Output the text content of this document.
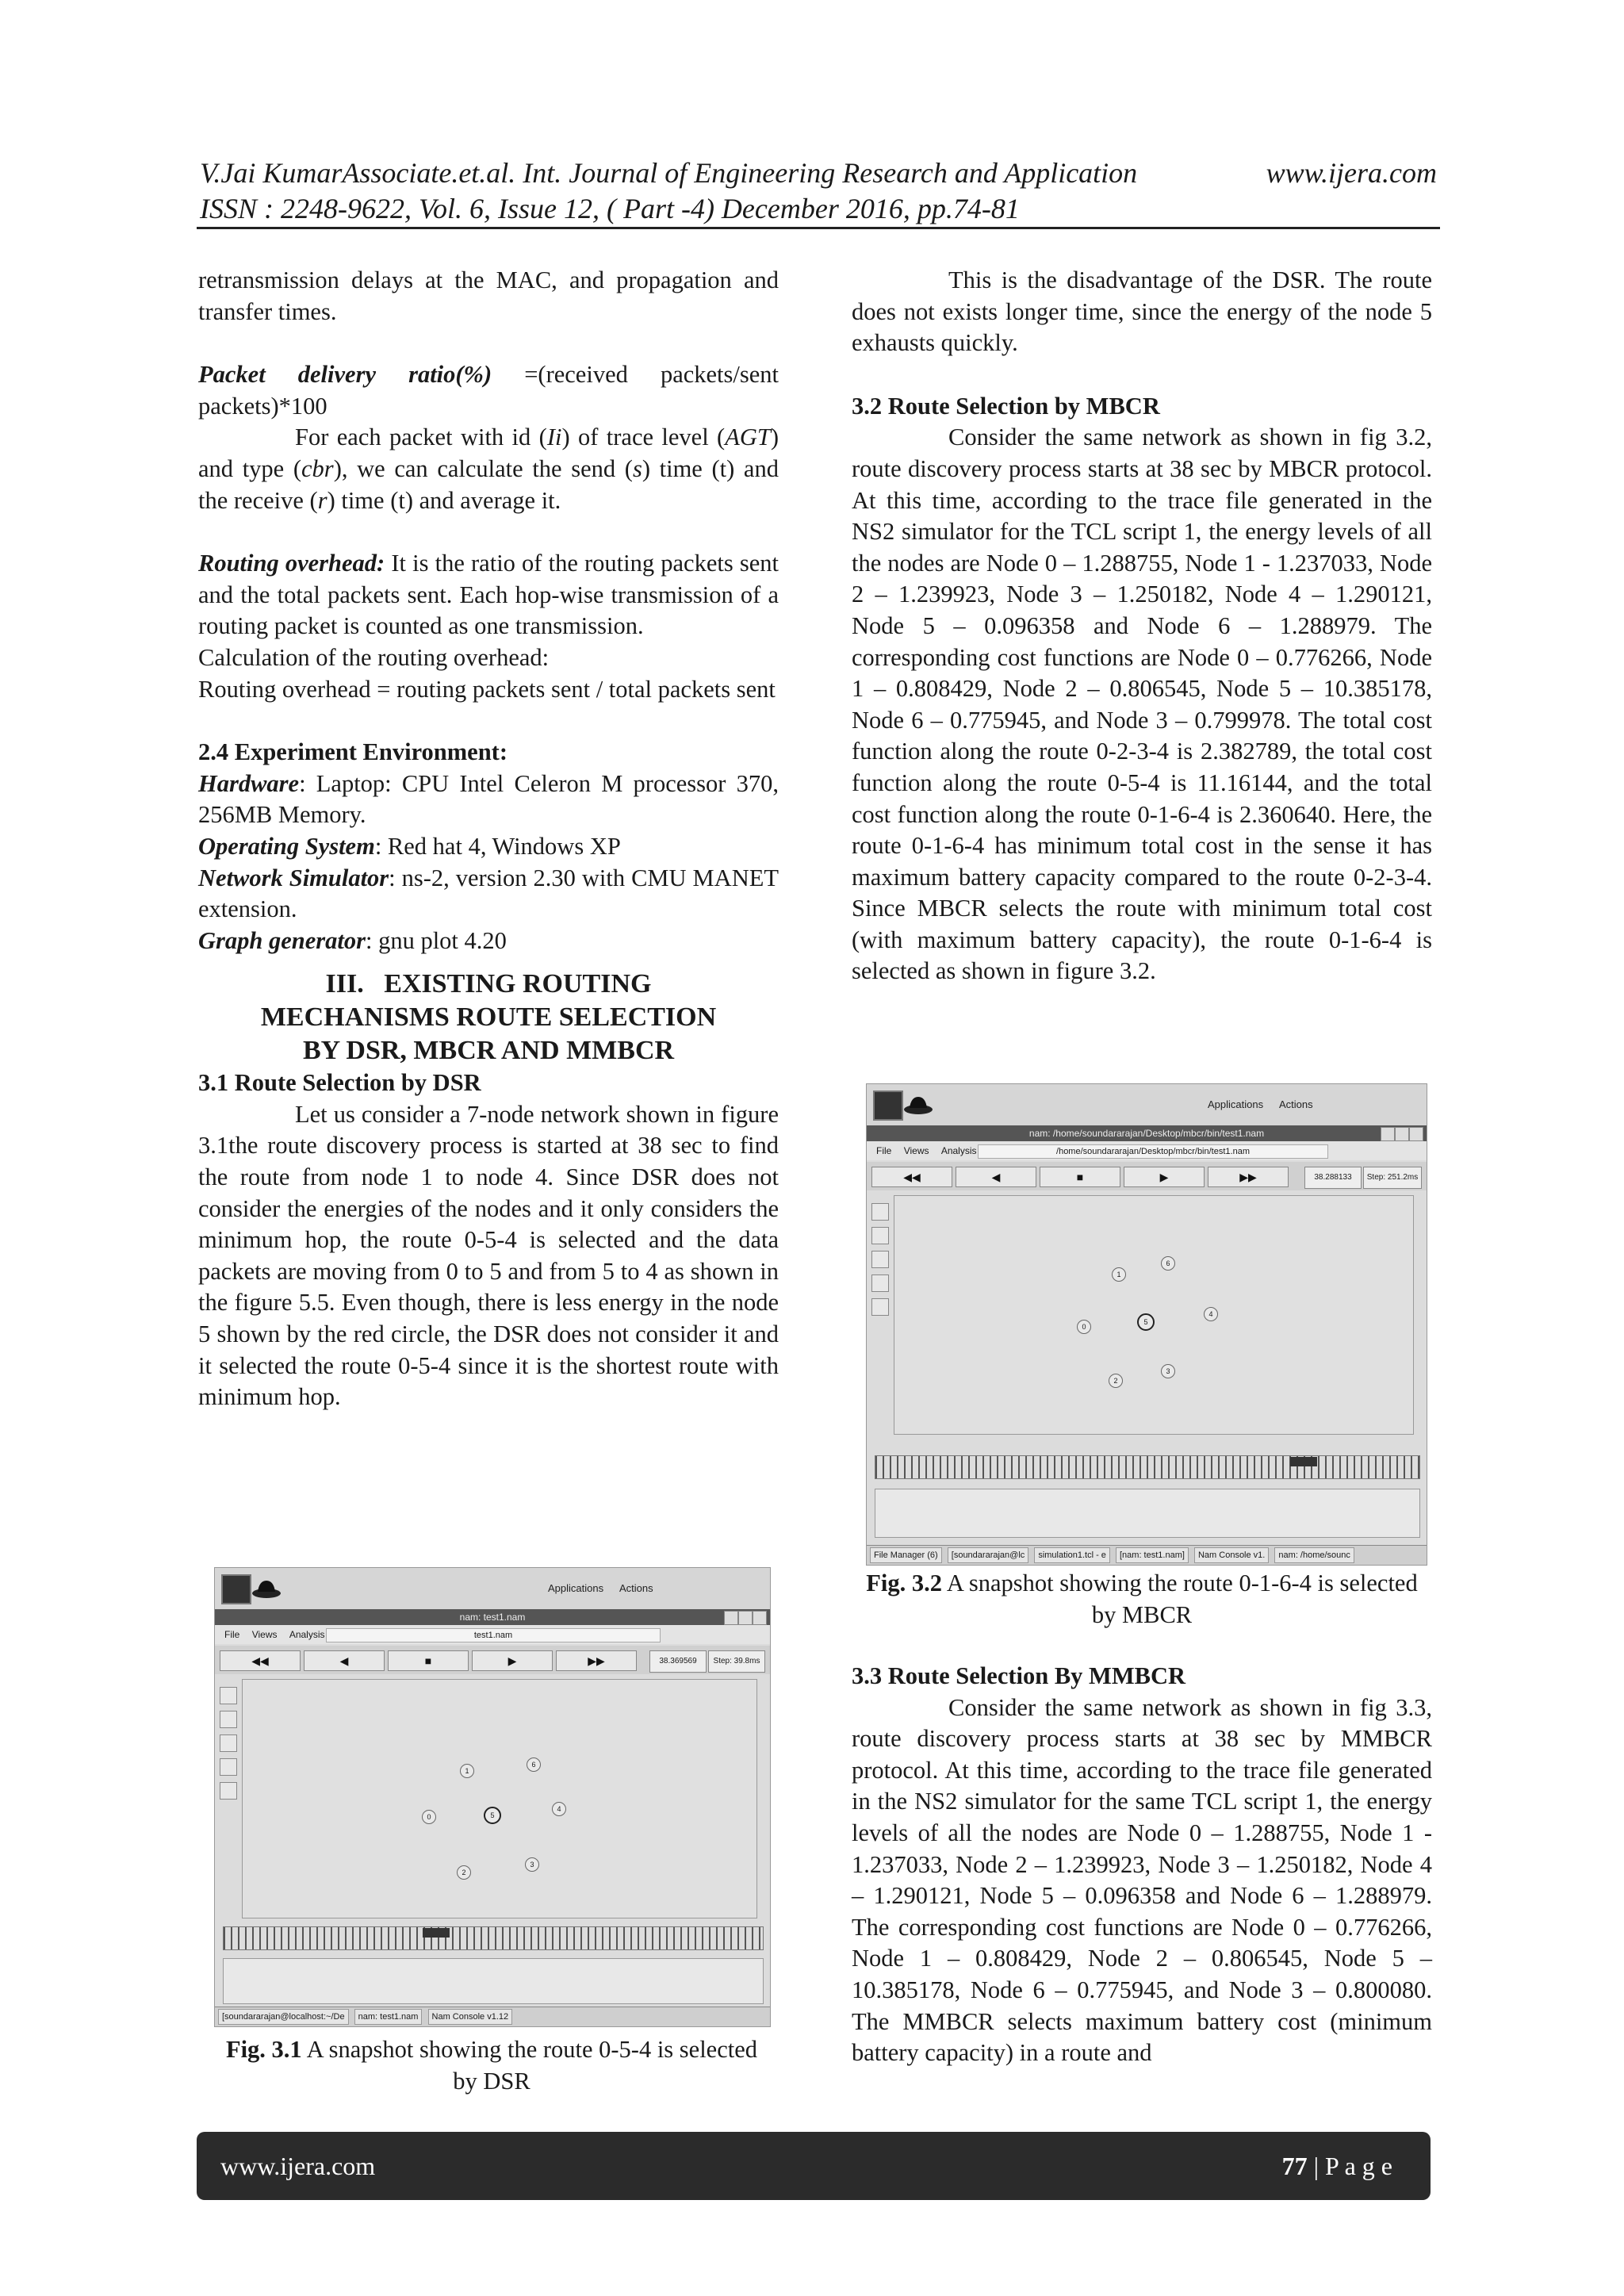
V.Jai KumarAssociate.et.al. Int. Journal of Engineering Research and Application	www.ijera.com
ISSN : 2248-9622, Vol. 6, Issue 12, ( Part -4) December 2016, pp.74-81

retransmission delays at the MAC, and propagation and transfer times.

Packet delivery ratio(%) =(received packets/sent packets)*100

For each packet with id (Ii) of trace level (AGT) and type (cbr), we can calculate the send (s) time (t) and the receive (r) time (t) and average it.

Routing overhead: It is the ratio of the routing packets sent and the total packets sent. Each hop-wise transmission of a routing packet is counted as one transmission.

Calculation of the routing overhead:

Routing overhead = routing packets sent / total packets sent

2.4 Experiment Environment:

Hardware: Laptop: CPU Intel Celeron M processor 370, 256MB Memory.

Operating System: Red hat 4, Windows XP

Network Simulator: ns-2, version 2.30 with CMU MANET extension.

Graph generator: gnu plot 4.20

III.   EXISTING ROUTING
MECHANISMS ROUTE SELECTION
BY DSR, MBCR AND MMBCR

3.1 Route Selection by DSR

Let us consider a 7-node network shown in figure 3.1the route discovery process is started at 38 sec to find the route from node 1 to node 4. Since DSR does not consider the energies of the nodes and it only considers the minimum hop, the route 0-5-4 is selected and the data packets are moving from 0 to 5 and from 5 to 4 as shown in the figure 5.5. Even though, there is less energy in the node 5 shown by the red circle, the DSR does not consider it and it selected the route 0-5-4 since it is the shortest route with minimum hop.

This is the disadvantage of the DSR. The route does not exists longer time, since the energy of the node 5 exhausts quickly.

3.2 Route Selection by MBCR

Consider the same network as shown in fig 3.2, route discovery process starts at 38 sec by MBCR protocol. At this time, according to the trace file generated in the NS2 simulator for the TCL script 1, the energy levels of all the nodes are Node 0 – 1.288755, Node 1 - 1.237033, Node 2 – 1.239923, Node 3 – 1.250182, Node 4 – 1.290121, Node 5 – 0.096358 and Node 6 – 1.288979. The corresponding cost functions are Node 0 – 0.776266, Node 1 – 0.808429, Node 2 – 0.806545, Node 5 – 10.385178, Node 6 – 0.775945, and Node 3 – 0.799978. The total cost function along the route 0-2-3-4 is 2.382789, the total cost function along the route 0-5-4 is 11.16144, and the total cost function along the route 0-1-6-4 is 2.360640. Here, the route 0-1-6-4 has minimum total cost in the sense it has maximum battery capacity compared to the route 0-2-3-4. Since MBCR selects the route with minimum total cost (with maximum battery capacity), the route 0-1-6-4 is selected as shown in figure 3.2.

3.3 Route Selection By MMBCR

Consider the same network as shown in fig 3.3, route discovery process starts at 38 sec by MMBCR protocol. At this time, according to the trace file generated in the NS2 simulator for the same TCL script 1, the energy levels of all the nodes are Node 0 – 1.288755, Node 1 - 1.237033, Node 2 – 1.239923, Node 3 – 1.250182, Node 4 – 1.290121, Node 5 – 0.096358 and Node 6 – 1.288979. The corresponding cost functions are Node 0 – 0.776266, Node 1 – 0.808429, Node 2 – 0.806545, Node 5 – 10.385178, Node 6 – 0.775945, and Node 3 – 0.800080. The MMBCR selects maximum battery cost (minimum battery capacity) in a route and

Applications Actions
nam: test1.nam
File Views Analysis	test1.nam
◀◀	◀	■	▶	▶▶	38.369569	Step: 39.8ms
1
6
0	5
4
2
3
[soundararajan@localhost:~/De nam: test1.nam Nam Console v1.12
Fig. 3.1 A snapshot showing the route 0-5-4 is selected by DSR
Applications Actions
nam: /home/soundararajan/Desktop/mbcr/bin/test1.nam
File Views Analysis	/home/soundararajan/Desktop/mbcr/bin/test1.nam
◀◀	◀	■	▶	▶▶	38.288133	Step: 251.2ms
1
6
0
5
4
2
3
File Manager (6) [soundararajan@lc simulation1.tcl - e [nam: test1.nam] Nam Console v1. nam: /home/sounc
Fig. 3.2 A snapshot showing the route 0-1-6-4 is selected by MBCR
www.ijera.com	77 | P a g e
